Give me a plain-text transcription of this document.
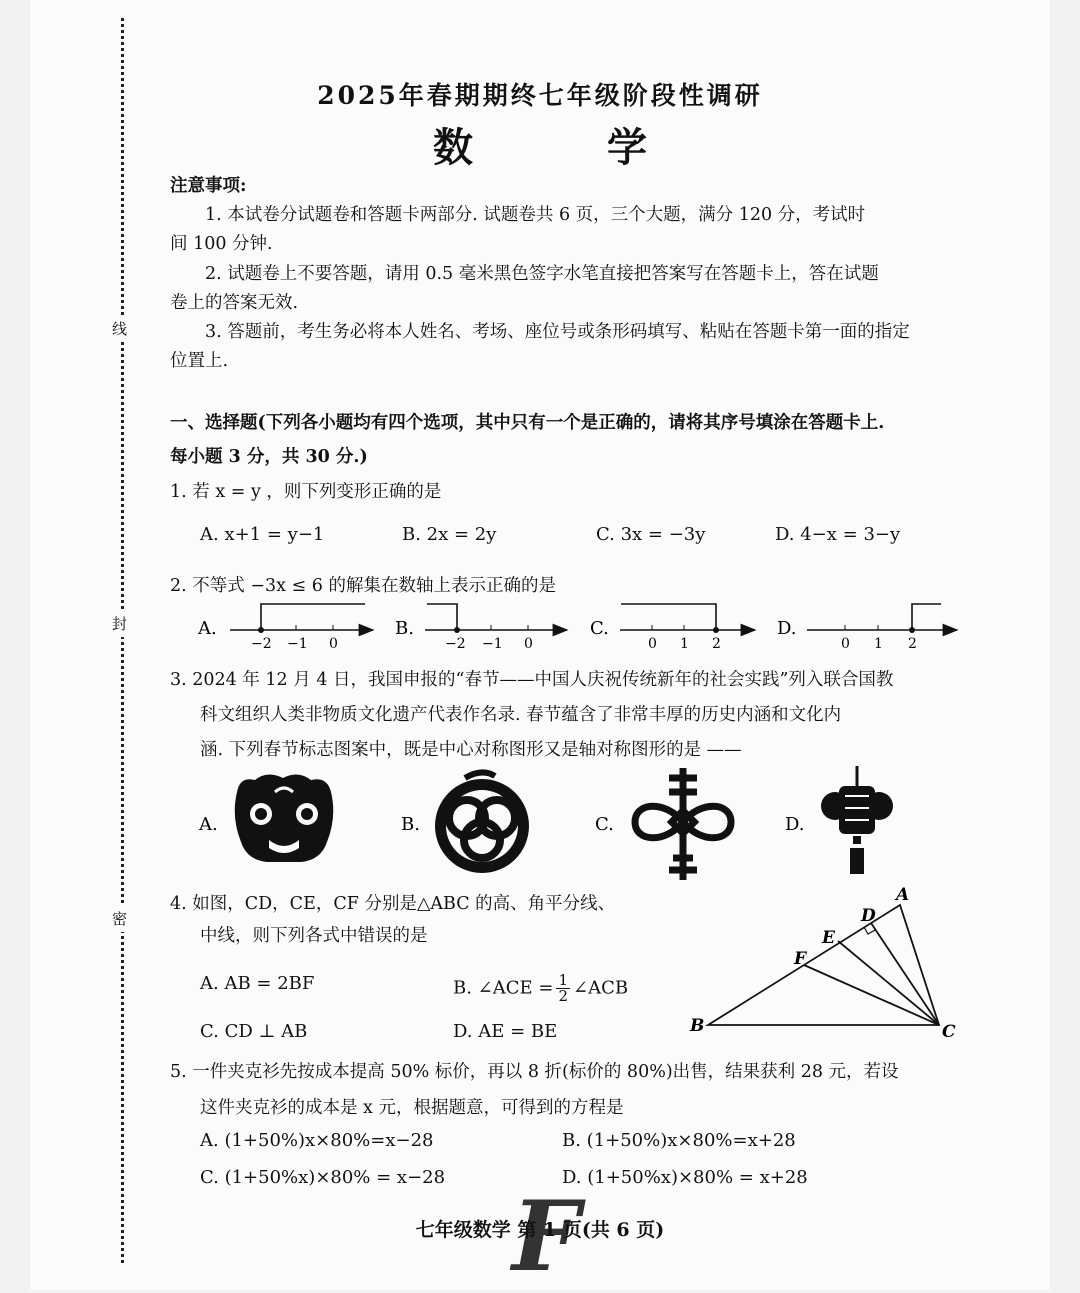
线
封
密
2025年春期期终七年级阶段性调研
数 学
注意事项:
1. 本试卷分试题卷和答题卡两部分. 试题卷共 6 页，三个大题，满分 120 分，考试时
间 100 分钟.
2. 试题卷上不要答题，请用 0.5 毫米黑色签字水笔直接把答案写在答题卡上，答在试题
卷上的答案无效.
3. 答题前，考生务必将本人姓名、考场、座位号或条形码填写、粘贴在答题卡第一面的指定
位置上.
一、选择题(下列各小题均有四个选项，其中只有一个是正确的，请将其序号填涂在答题卡上.
每小题 3 分，共 30 分.)
1. 若 x = y ，则下列变形正确的是
A. x+1 = y−1	B. 2x = 2y	C. 3x = −3y	D. 4−x = 3−y
2. 不等式 −3x ≤ 6 的解集在数轴上表示正确的是
A.
−2 −1 0
B.
−2 −1 0
C.
0 1 2
D.
0 1 2
3. 2024 年 12 月 4 日，我国申报的“春节——中国人庆祝传统新年的社会实践”列入联合国教
科文组织人类非物质文化遗产代表作名录. 春节蕴含了非常丰厚的历史内涵和文化内
涵. 下列春节标志图案中，既是中心对称图形又是轴对称图形的是 ——
A.	B.	C.	D.
4. 如图，CD，CE，CF 分别是△ABC 的高、角平分线、
中线，则下列各式中错误的是
A. AB = 2BF	B. ∠ACE = $\frac{1}{2}$ ∠ACB
C. CD ⊥ AB	D. AE = BE
A
B	C
D
E
F
5. 一件夹克衫先按成本提高 50% 标价，再以 8 折(标价的 80%)出售，结果获利 28 元，若设
这件夹克衫的成本是 x 元，根据题意，可得到的方程是
A. (1+50%)x×80%=x−28	B. (1+50%)x×80%=x+28
C. (1+50%x)×80% = x−28	D. (1+50%x)×80% = x+28
F
七年级数学 第 1 页(共 6 页)
